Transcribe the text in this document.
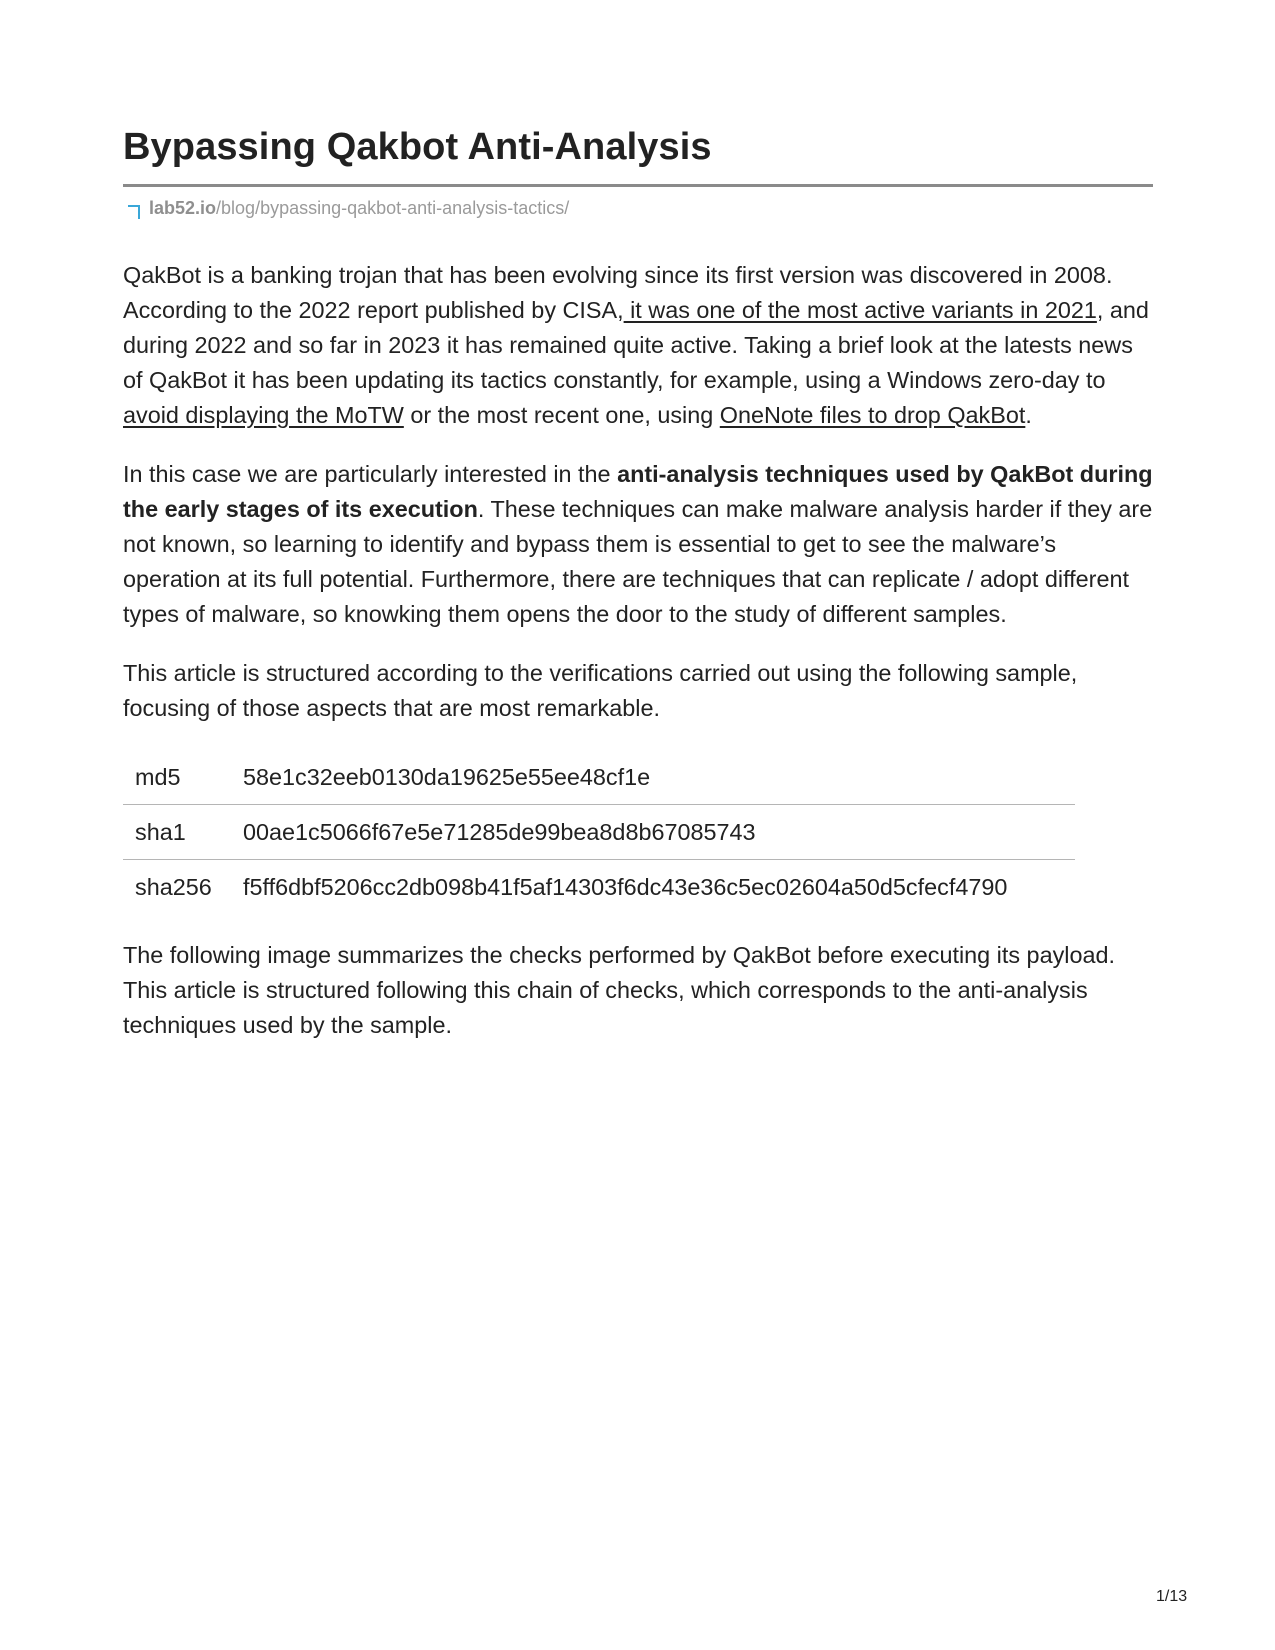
Bypassing Qakbot Anti-Analysis
lab52.io/blog/bypassing-qakbot-anti-analysis-tactics/

QakBot is a banking trojan that has been evolving since its first version was discovered in 2008. According to the 2022 report published by CISA, it was one of the most active variants in 2021, and during 2022 and so far in 2023 it has remained quite active. Taking a brief look at the latests news of QakBot it has been updating its tactics constantly, for example, using a Windows zero-day to avoid displaying the MoTW or the most recent one, using OneNote files to drop QakBot.

In this case we are particularly interested in the anti-analysis techniques used by QakBot during the early stages of its execution. These techniques can make malware analysis harder if they are not known, so learning to identify and bypass them is essential to get to see the malware’s operation at its full potential. Furthermore, there are techniques that can replicate / adopt different types of malware, so knowking them opens the door to the study of different samples.

This article is structured according to the verifications carried out using the following sample, focusing of those aspects that are most remarkable.

md5	58e1c32eeb0130da19625e55ee48cf1e
sha1	00ae1c5066f67e5e71285de99bea8d8b67085743
sha256	f5ff6dbf5206cc2db098b41f5af14303f6dc43e36c5ec02604a50d5cfecf4790

The following image summarizes the checks performed by QakBot before executing its payload. This article is structured following this chain of checks, which corresponds to the anti-analysis techniques used by the sample.

1/13
